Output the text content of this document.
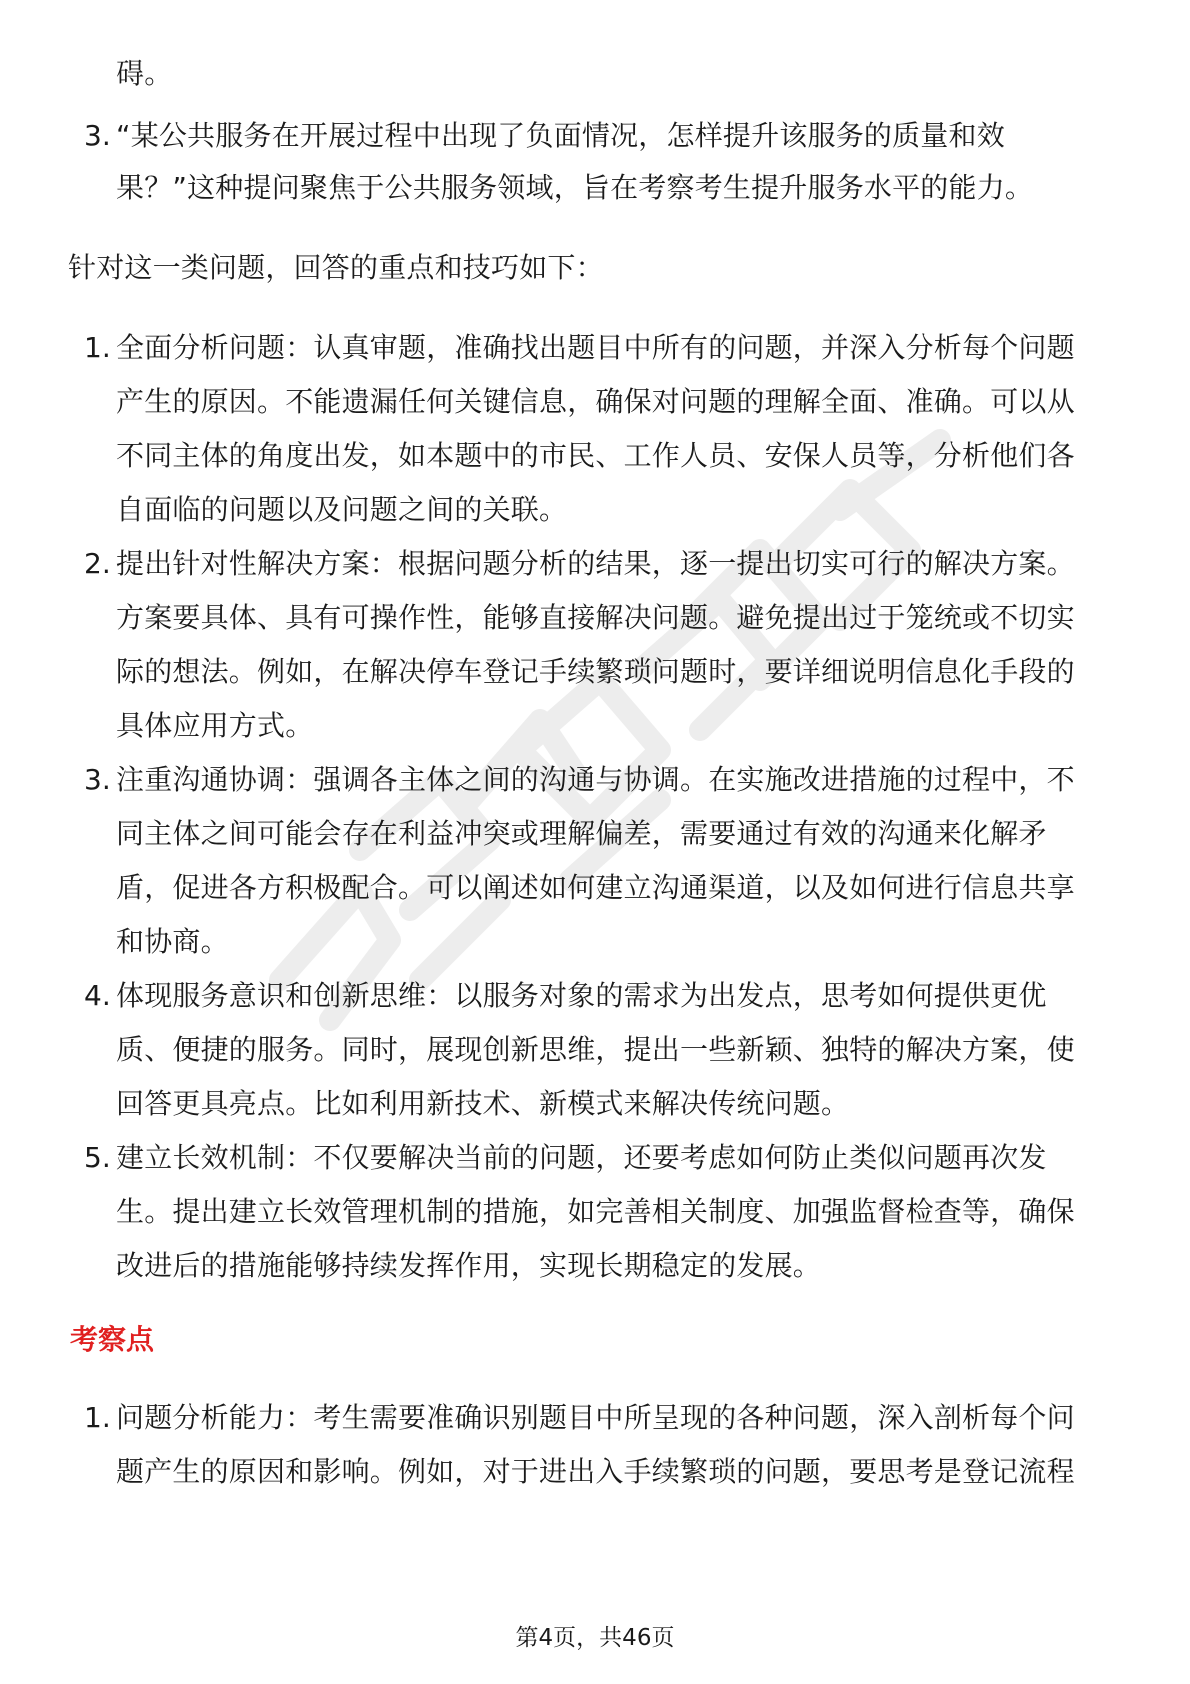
碍。
3. “某公共服务在开展过程中出现了负面情况，怎样提升该服务的质量和效
果？”这种提问聚焦于公共服务领域，旨在考察考生提升服务水平的能力。
针对这一类问题，回答的重点和技巧如下：
1. 全面分析问题：认真审题，准确找出题目中所有的问题，并深入分析每个问题
产生的原因。不能遗漏任何关键信息，确保对问题的理解全面、准确。可以从
不同主体的角度出发，如本题中的市民、工作人员、安保人员等，分析他们各
自面临的问题以及问题之间的关联。
2. 提出针对性解决方案：根据问题分析的结果，逐一提出切实可行的解决方案。
方案要具体、具有可操作性，能够直接解决问题。避免提出过于笼统或不切实
际的想法。例如，在解决停车登记手续繁琐问题时，要详细说明信息化手段的
具体应用方式。
3. 注重沟通协调：强调各主体之间的沟通与协调。在实施改进措施的过程中，不
同主体之间可能会存在利益冲突或理解偏差，需要通过有效的沟通来化解矛
盾，促进各方积极配合。可以阐述如何建立沟通渠道，以及如何进行信息共享
和协商。
4. 体现服务意识和创新思维：以服务对象的需求为出发点，思考如何提供更优
质、便捷的服务。同时，展现创新思维，提出一些新颖、独特的解决方案，使
回答更具亮点。比如利用新技术、新模式来解决传统问题。
5. 建立长效机制：不仅要解决当前的问题，还要考虑如何防止类似问题再次发
生。提出建立长效管理机制的措施，如完善相关制度、加强监督检查等，确保
改进后的措施能够持续发挥作用，实现长期稳定的发展。
考察点
1. 问题分析能力：考生需要准确识别题目中所呈现的各种问题，深入剖析每个问
题产生的原因和影响。例如，对于进出入手续繁琐的问题，要思考是登记流程
第4页，共46页
